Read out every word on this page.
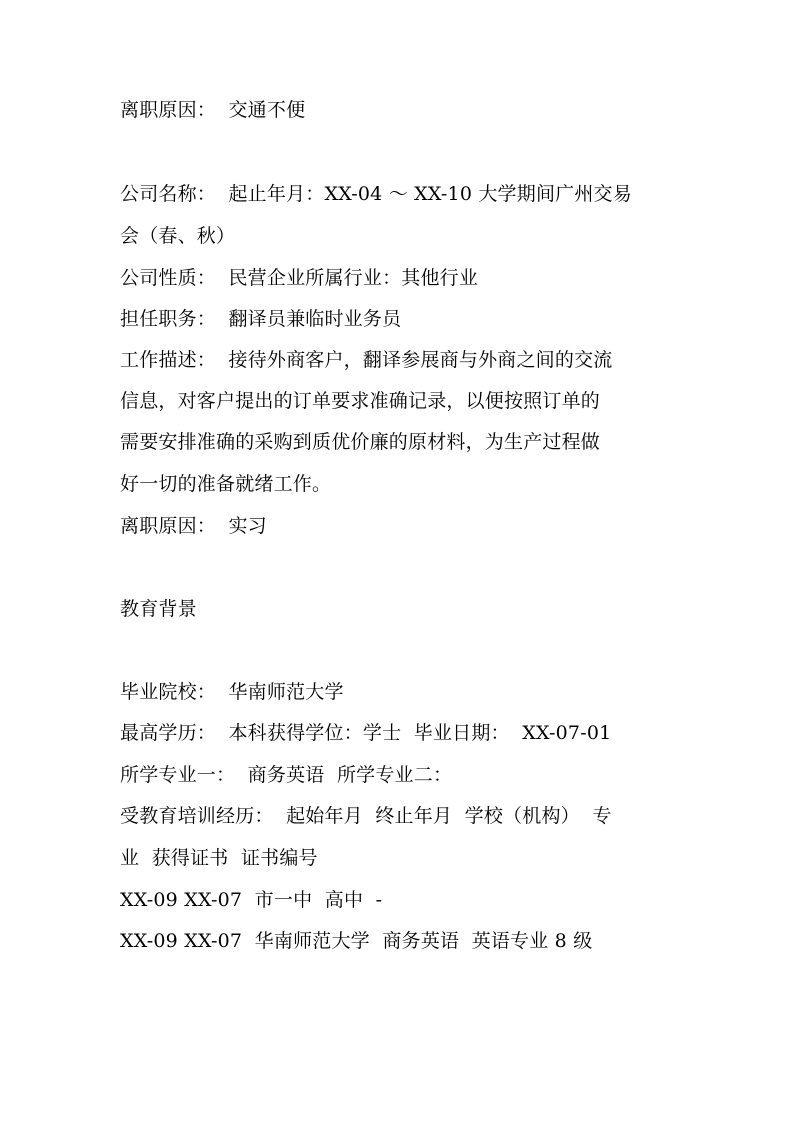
离职原因：  交通不便
公司名称：  起止年月：XX-04 ～ XX-10 大学期间广州交易
会（春、秋）
公司性质：  民营企业所属行业：其他行业
担任职务：  翻译员兼临时业务员
工作描述：  接待外商客户，翻译参展商与外商之间的交流
信息，对客户提出的订单要求准确记录，以便按照订单的
需要安排准确的采购到质优价廉的原材料，为生产过程做
好一切的准备就绪工作。
离职原因：  实习
教育背景
毕业院校：  华南师范大学
最高学历：  本科获得学位：学士  毕业日期：  XX-07-01
所学专业一：  商务英语  所学专业二：
受教育培训经历：  起始年月  终止年月  学校（机构）  专
业  获得证书  证书编号
XX-09 XX-07  市一中  高中  -
XX-09 XX-07  华南师范大学  商务英语  英语专业 8 级
